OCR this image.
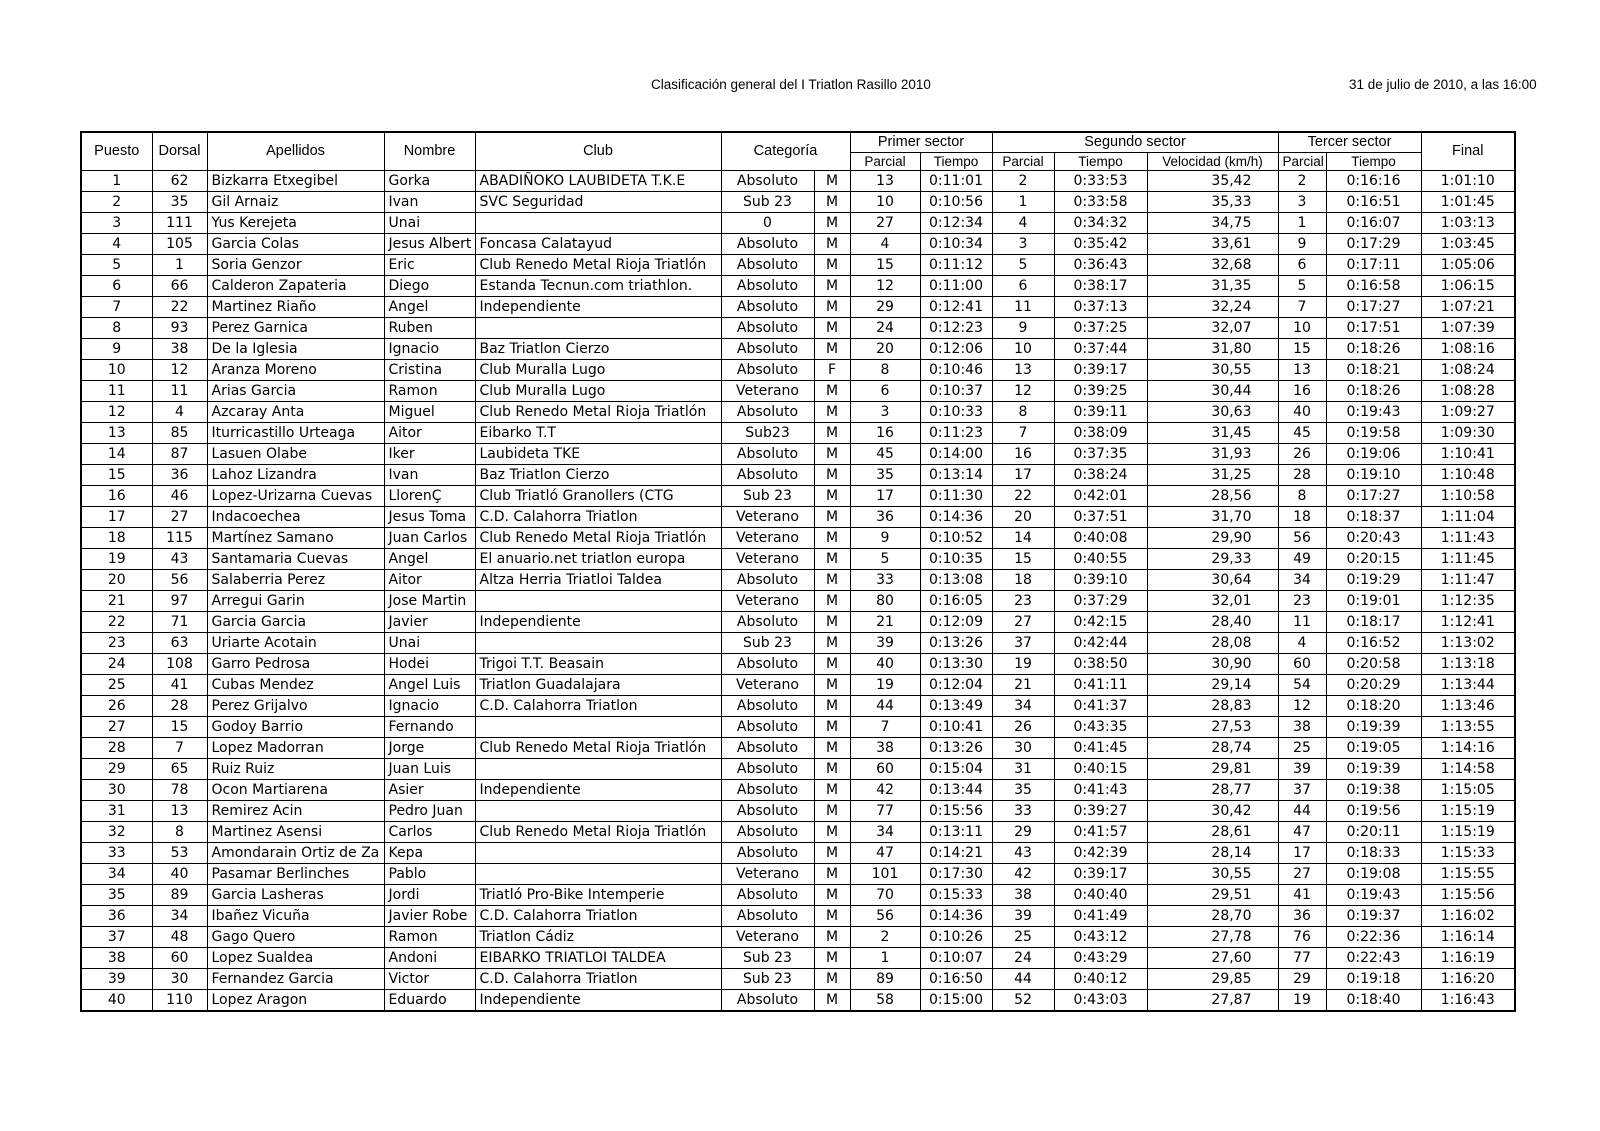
Clasificación general del I Triatlon Rasillo 2010	31 de julio de 2010, a las 16:00
Puesto	Dorsal	Apellidos	Nombre	Club	Categoría		Primer sector		Segundo sector			Tercer sector		Final
							Parcial	Tiempo	Parcial	Tiempo	Velocidad (km/h)	Parcial	Tiempo	
1	62	Bizkarra Etxegibel	Gorka	ABADIÑOKO LAUBIDETA T.K.E	Absoluto	M	13	0:11:01	2	0:33:53	35,42	2	0:16:16	1:01:10
2	35	Gil Arnaiz	Ivan	SVC Seguridad	Sub 23	M	10	0:10:56	1	0:33:58	35,33	3	0:16:51	1:01:45
3	111	Yus Kerejeta	Unai		0	M	27	0:12:34	4	0:34:32	34,75	1	0:16:07	1:03:13
4	105	Garcia Colas	Jesus Albert	Foncasa Calatayud	Absoluto	M	4	0:10:34	3	0:35:42	33,61	9	0:17:29	1:03:45
5	1	Soria Genzor	Eric	Club Renedo Metal Rioja Triatlón	Absoluto	M	15	0:11:12	5	0:36:43	32,68	6	0:17:11	1:05:06
6	66	Calderon Zapateria	Diego	Estanda Tecnun.com triathlon.	Absoluto	M	12	0:11:00	6	0:38:17	31,35	5	0:16:58	1:06:15
7	22	Martinez Riaño	Angel	Independiente	Absoluto	M	29	0:12:41	11	0:37:13	32,24	7	0:17:27	1:07:21
8	93	Perez Garnica	Ruben		Absoluto	M	24	0:12:23	9	0:37:25	32,07	10	0:17:51	1:07:39
9	38	De la Iglesia	Ignacio	Baz Triatlon Cierzo	Absoluto	M	20	0:12:06	10	0:37:44	31,80	15	0:18:26	1:08:16
10	12	Aranza Moreno	Cristina	Club Muralla Lugo	Absoluto	F	8	0:10:46	13	0:39:17	30,55	13	0:18:21	1:08:24
11	11	Arias Garcia	Ramon	Club Muralla Lugo	Veterano	M	6	0:10:37	12	0:39:25	30,44	16	0:18:26	1:08:28
12	4	Azcaray Anta	Miguel	Club Renedo Metal Rioja Triatlón	Absoluto	M	3	0:10:33	8	0:39:11	30,63	40	0:19:43	1:09:27
13	85	Iturricastillo Urteaga	Aitor	Eibarko T.T	Sub23	M	16	0:11:23	7	0:38:09	31,45	45	0:19:58	1:09:30
14	87	Lasuen Olabe	Iker	Laubideta TKE	Absoluto	M	45	0:14:00	16	0:37:35	31,93	26	0:19:06	1:10:41
15	36	Lahoz Lizandra	Ivan	Baz Triatlon Cierzo	Absoluto	M	35	0:13:14	17	0:38:24	31,25	28	0:19:10	1:10:48
16	46	Lopez-Urizarna Cuevas	LlorenÇ	Club Triatló Granollers (CTG	Sub 23	M	17	0:11:30	22	0:42:01	28,56	8	0:17:27	1:10:58
17	27	Indacoechea	Jesus Toma	C.D. Calahorra Triatlon	Veterano	M	36	0:14:36	20	0:37:51	31,70	18	0:18:37	1:11:04
18	115	Martínez Samano	Juan Carlos	Club Renedo Metal Rioja Triatlón	Veterano	M	9	0:10:52	14	0:40:08	29,90	56	0:20:43	1:11:43
19	43	Santamaria Cuevas	Angel	El anuario.net triatlon europa	Veterano	M	5	0:10:35	15	0:40:55	29,33	49	0:20:15	1:11:45
20	56	Salaberria Perez	Aitor	Altza Herria Triatloi Taldea	Absoluto	M	33	0:13:08	18	0:39:10	30,64	34	0:19:29	1:11:47
21	97	Arregui Garin	Jose Martin		Veterano	M	80	0:16:05	23	0:37:29	32,01	23	0:19:01	1:12:35
22	71	Garcia Garcia	Javier	Independiente	Absoluto	M	21	0:12:09	27	0:42:15	28,40	11	0:18:17	1:12:41
23	63	Uriarte Acotain	Unai		Sub 23	M	39	0:13:26	37	0:42:44	28,08	4	0:16:52	1:13:02
24	108	Garro Pedrosa	Hodei	Trigoi T.T. Beasain	Absoluto	M	40	0:13:30	19	0:38:50	30,90	60	0:20:58	1:13:18
25	41	Cubas Mendez	Angel Luis	Triatlon Guadalajara	Veterano	M	19	0:12:04	21	0:41:11	29,14	54	0:20:29	1:13:44
26	28	Perez Grijalvo	Ignacio	C.D. Calahorra Triatlon	Absoluto	M	44	0:13:49	34	0:41:37	28,83	12	0:18:20	1:13:46
27	15	Godoy Barrio	Fernando		Absoluto	M	7	0:10:41	26	0:43:35	27,53	38	0:19:39	1:13:55
28	7	Lopez Madorran	Jorge	Club Renedo Metal Rioja Triatlón	Absoluto	M	38	0:13:26	30	0:41:45	28,74	25	0:19:05	1:14:16
29	65	Ruiz Ruiz	Juan Luis		Absoluto	M	60	0:15:04	31	0:40:15	29,81	39	0:19:39	1:14:58
30	78	Ocon Martiarena	Asier	Independiente	Absoluto	M	42	0:13:44	35	0:41:43	28,77	37	0:19:38	1:15:05
31	13	Remirez Acin	Pedro Juan		Absoluto	M	77	0:15:56	33	0:39:27	30,42	44	0:19:56	1:15:19
32	8	Martinez Asensi	Carlos	Club Renedo Metal Rioja Triatlón	Absoluto	M	34	0:13:11	29	0:41:57	28,61	47	0:20:11	1:15:19
33	53	Amondarain Ortiz de Za	Kepa		Absoluto	M	47	0:14:21	43	0:42:39	28,14	17	0:18:33	1:15:33
34	40	Pasamar Berlinches	Pablo		Veterano	M	101	0:17:30	42	0:39:17	30,55	27	0:19:08	1:15:55
35	89	Garcia Lasheras	Jordi	Triatló Pro-Bike Intemperie	Absoluto	M	70	0:15:33	38	0:40:40	29,51	41	0:19:43	1:15:56
36	34	Ibañez Vicuña	Javier Robe	C.D. Calahorra Triatlon	Absoluto	M	56	0:14:36	39	0:41:49	28,70	36	0:19:37	1:16:02
37	48	Gago Quero	Ramon	Triatlon Cádiz	Veterano	M	2	0:10:26	25	0:43:12	27,78	76	0:22:36	1:16:14
38	60	Lopez Sualdea	Andoni	EIBARKO TRIATLOI TALDEA	Sub 23	M	1	0:10:07	24	0:43:29	27,60	77	0:22:43	1:16:19
39	30	Fernandez Garcia	Victor	C.D. Calahorra Triatlon	Sub 23	M	89	0:16:50	44	0:40:12	29,85	29	0:19:18	1:16:20
40	110	Lopez Aragon	Eduardo	Independiente	Absoluto	M	58	0:15:00	52	0:43:03	27,87	19	0:18:40	1:16:43
